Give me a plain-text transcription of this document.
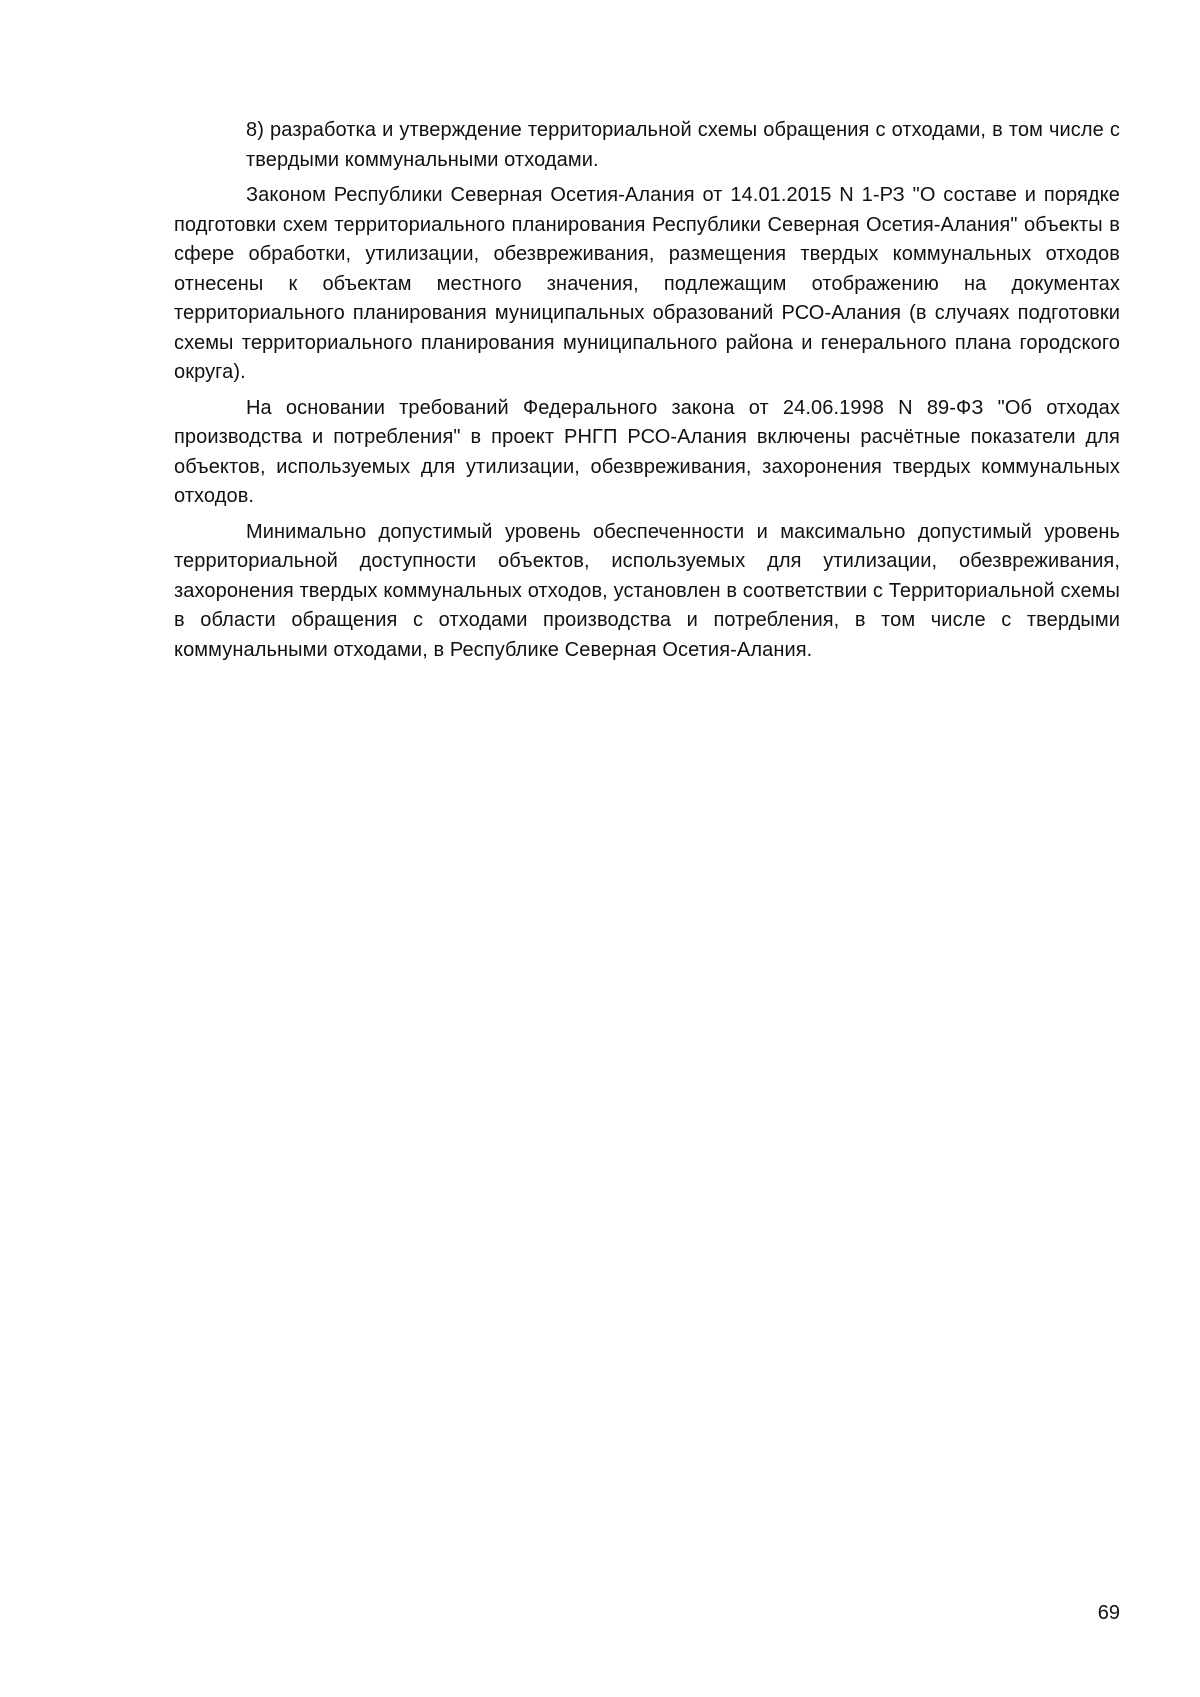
8) разработка и утверждение территориальной схемы обращения с отходами, в том числе с твердыми коммунальными отходами.

Законом Республики Северная Осетия-Алания от 14.01.2015 N 1-РЗ "О составе и порядке подготовки схем территориального планирования Республики Северная Осетия-Алания" объекты в сфере обработки, утилизации, обезвреживания, размещения твердых коммунальных отходов отнесены к объектам местного значения, подлежащим отображению на документах территориального планирования муниципальных образований РСО-Алания (в случаях подготовки схемы территориального планирования муниципального района и генерального плана городского округа).

На основании требований Федерального закона от 24.06.1998 N 89-ФЗ "Об отходах производства и потребления" в проект РНГП РСО-Алания включены расчётные показатели для объектов, используемых для утилизации, обезвреживания, захоронения твердых коммунальных отходов.

Минимально допустимый уровень обеспеченности и максимально допустимый уровень территориальной доступности объектов, используемых для утилизации, обезвреживания, захоронения твердых коммунальных отходов, установлен в соответствии с Территориальной схемы в области обращения с отходами производства и потребления, в том числе с твердыми коммунальными отходами, в Республике Северная Осетия-Алания.

69
